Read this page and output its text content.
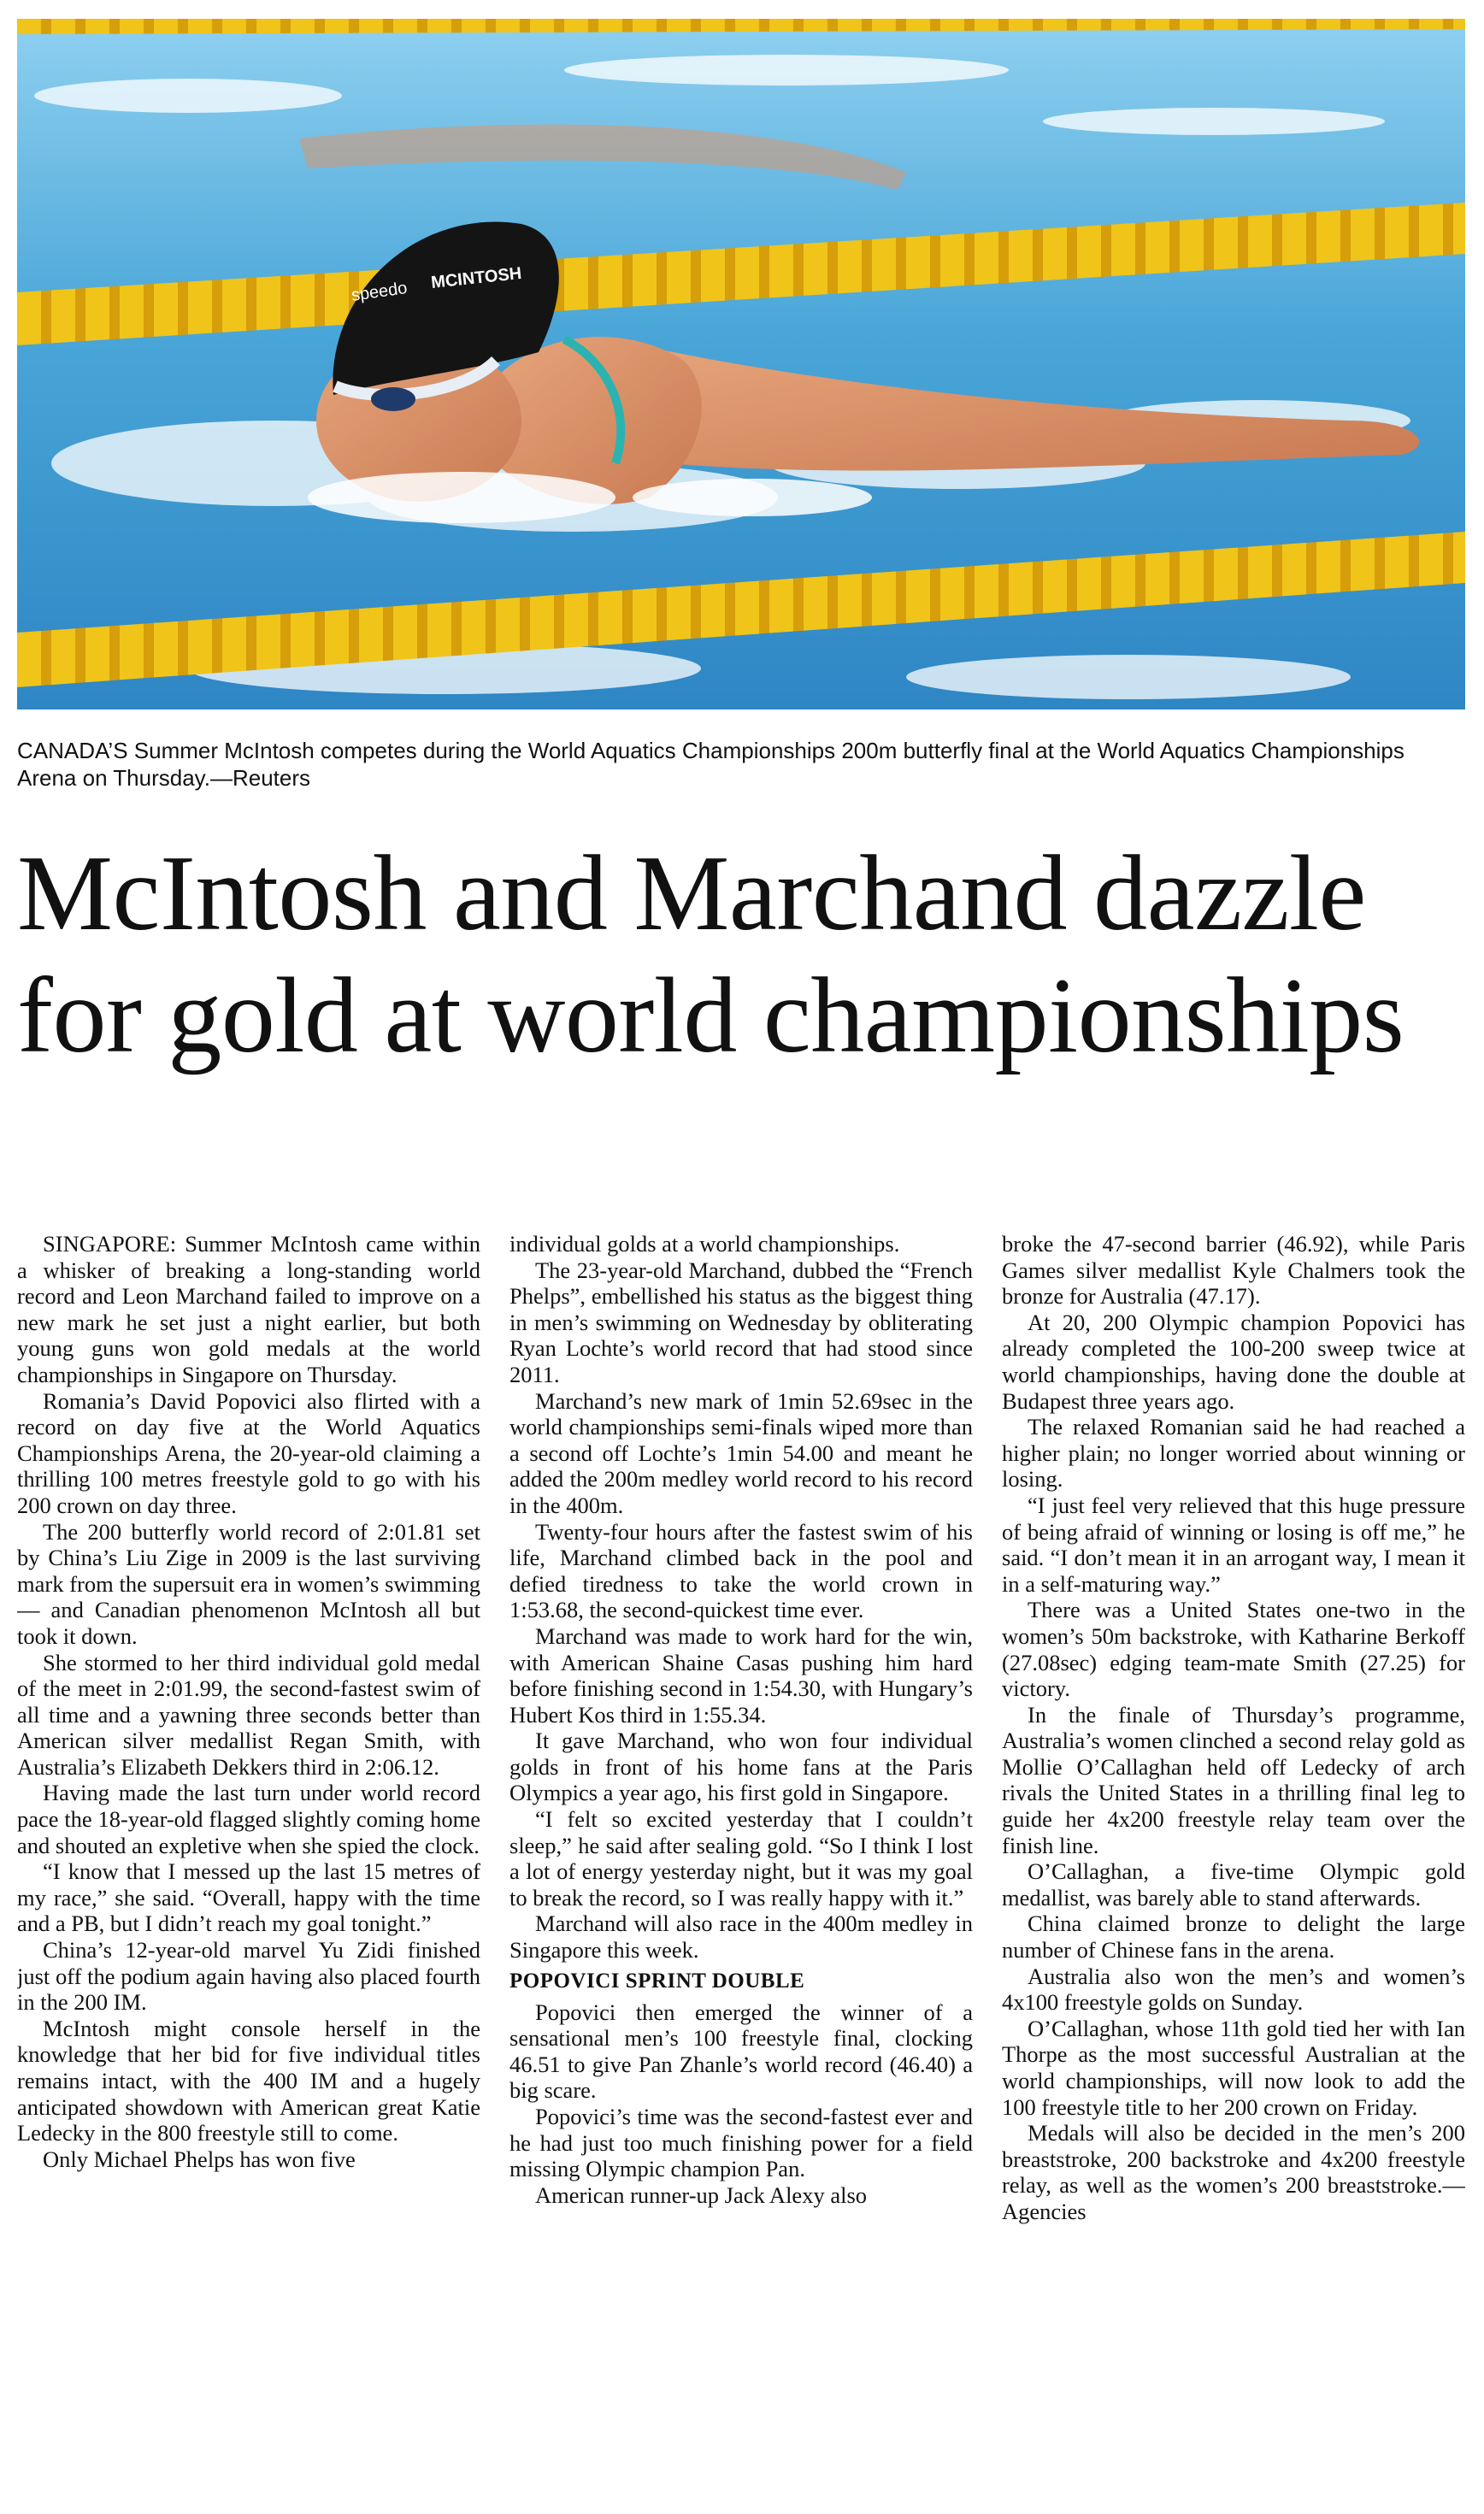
speedo MCINTOSH

CANADA’S Summer McIntosh competes during the World Aquatics Championships 200m butterfly final at the World Aquatics Championships Arena on Thursday.—Reuters

McIntosh and Marchand dazzle for gold at world championships

SINGAPORE: Summer McIntosh came within a whisker of breaking a long-standing world record and Leon Marchand failed to improve on a new mark he set just a night earlier, but both young guns won gold medals at the world championships in Singapore on Thursday.

Romania’s David Popovici also flirted with a record on day five at the World Aquatics Championships Arena, the 20-year-old claiming a thrilling 100 metres freestyle gold to go with his 200 crown on day three.

The 200 butterfly world record of 2:01.81 set by China’s Liu Zige in 2009 is the last surviving mark from the supersuit era in women’s swimming — and Canadian phenomenon McIntosh all but took it down.

She stormed to her third individual gold medal of the meet in 2:01.99, the second-fastest swim of all time and a yawning three seconds better than American silver medallist Regan Smith, with Australia’s Elizabeth Dekkers third in 2:06.12.

Having made the last turn under world record pace the 18-year-old flagged slightly coming home and shouted an expletive when she spied the clock.

“I know that I messed up the last 15 metres of my race,” she said. “Overall, happy with the time and a PB, but I didn’t reach my goal tonight.”

China’s 12-year-old marvel Yu Zidi finished just off the podium again having also placed fourth in the 200 IM.

McIntosh might console herself in the knowledge that her bid for five individual titles remains intact, with the 400 IM and a hugely anticipated showdown with American great Katie Ledecky in the 800 freestyle still to come.

Only Michael Phelps has won five

individual golds at a world championships.

The 23-year-old Marchand, dubbed the “French Phelps”, embellished his status as the biggest thing in men’s swimming on Wednesday by obliterating Ryan Lochte’s world record that had stood since 2011.

Marchand’s new mark of 1min 52.69sec in the world championships semi-finals wiped more than a second off Lochte’s 1min 54.00 and meant he added the 200m medley world record to his record in the 400m.

Twenty-four hours after the fastest swim of his life, Marchand climbed back in the pool and defied tiredness to take the world crown in 1:53.68, the second-quickest time ever.

Marchand was made to work hard for the win, with American Shaine Casas pushing him hard before finishing second in 1:54.30, with Hungary’s Hubert Kos third in 1:55.34.

It gave Marchand, who won four individual golds in front of his home fans at the Paris Olympics a year ago, his first gold in Singapore.

“I felt so excited yesterday that I couldn’t sleep,” he said after sealing gold. “So I think I lost a lot of energy yesterday night, but it was my goal to break the record, so I was really happy with it.”

Marchand will also race in the 400m medley in Singapore this week.

POPOVICI SPRINT DOUBLE

Popovici then emerged the winner of a sensational men’s 100 freestyle final, clocking 46.51 to give Pan Zhanle’s world record (46.40) a big scare.

Popovici’s time was the second-fastest ever and he had just too much finishing power for a field missing Olympic champion Pan.

American runner-up Jack Alexy also

broke the 47-second barrier (46.92), while Paris Games silver medallist Kyle Chalmers took the bronze for Australia (47.17).

At 20, 200 Olympic champion Popovici has already completed the 100-200 sweep twice at world championships, having done the double at Budapest three years ago.

The relaxed Romanian said he had reached a higher plain; no longer worried about winning or losing.

“I just feel very relieved that this huge pressure of being afraid of winning or losing is off me,” he said. “I don’t mean it in an arrogant way, I mean it in a self-maturing way.”

There was a United States one-two in the women’s 50m backstroke, with Katharine Berkoff (27.08sec) edging team-mate Smith (27.25) for victory.

In the finale of Thursday’s programme, Australia’s women clinched a second relay gold as Mollie O’Callaghan held off Ledecky of arch rivals the United States in a thrilling final leg to guide her 4x200 freestyle relay team over the finish line.

O’Callaghan, a five-time Olympic gold medallist, was barely able to stand afterwards.

China claimed bronze to delight the large number of Chinese fans in the arena.

Australia also won the men’s and women’s 4x100 freestyle golds on Sunday.

O’Callaghan, whose 11th gold tied her with Ian Thorpe as the most successful Australian at the world championships, will now look to add the 100 freestyle title to her 200 crown on Friday.

Medals will also be decided in the men’s 200 breaststroke, 200 backstroke and 4x200 freestyle relay, as well as the women’s 200 breaststroke.—Agencies
